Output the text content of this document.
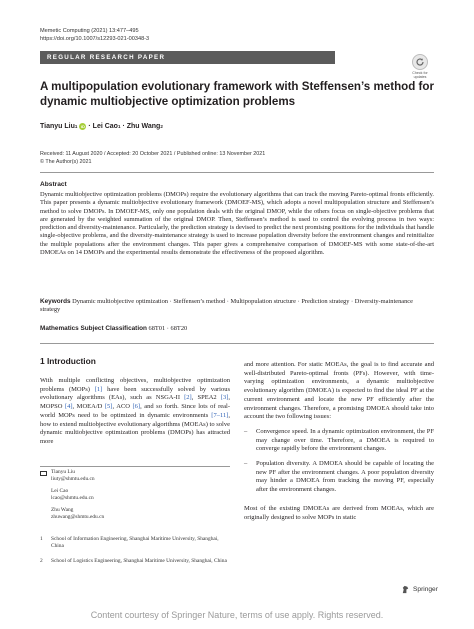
Memetic Computing (2021) 13:477–495
https://doi.org/10.1007/s12293-021-00348-3
REGULAR RESEARCH PAPER
Check for
updates
A multipopulation evolutionary framework with Steffensen’s method for dynamic multiobjective optimization problems
Tianyu Liu 1 iD · Lei Cao 1 · Zhu Wang 2
Received: 11 August 2020 / Accepted: 20 October 2021 / Published online: 13 November 2021
© The Author(s) 2021
Abstract
Dynamic multiobjective optimization problems (DMOPs) require the evolutionary algorithms that can track the moving Pareto-optimal fronts efficiently. This paper presents a dynamic multiobjective evolutionary framework (DMOEF-MS), which adopts a novel multipopulation structure and Steffensen’s method to solve DMOPs. In DMOEF-MS, only one population deals with the original DMOP, while the others focus on single-objective problems that are generated by the weighted summation of the original DMOP. Then, Steffensen’s method is used to control the evolving process in two ways: prediction and diversity-maintenance. Particularly, the prediction strategy is devised to predict the next promising positions for the individuals that handle single-objective problems, and the diversity-maintenance strategy is used to increase population diversity before the environment changes and reinitialize the multiple populations after the environment changes. This paper gives a comprehensive comparison of DMOEF-MS with some state-of-the-art DMOEAs on 14 DMOPs and the experimental results demonstrate the effectiveness of the proposed algorithm.
Keywords Dynamic multiobjective optimization · Steffensen’s method · Multipopulation structure · Prediction strategy · Diversity-maintenance strategy
Mathematics Subject Classification 68T01 · 68T20
1 Introduction
With multiple conflicting objectives, multiobjective optimization problems (MOPs) [1] have been successfully solved by various evolutionary algorithms (EAs), such as NSGA-II [2], SPEA2 [3], MOPSO [4], MOEA/D [5], ACO [6], and so forth. Since lots of real-world MOPs need to be optimized in dynamic environments [7–11], how to extend multiobjective evolutionary algorithms (MOEAs) to solve dynamic multiobjective optimization problems (DMOPs) has attracted more
Tianyu Liu
liuty@shmtu.edu.cn
Lei Cao
lcao@shmtu.edu.cn
Zhu Wang
zhuwang@shmtu.edu.cn
1 School of Information Engineering, Shanghai Maritime University, Shanghai, China
2 School of Logistics Engineering, Shanghai Maritime University, Shanghai, China

and more attention. For static MOEAs, the goal is to find accurate and well-distributed Pareto-optimal fronts (PFs). However, with time-varying optimization environments, a dynamic multiobjective evolutionary algorithm (DMOEA) is expected to find the ideal PF at the current environment and locate the new PF efficiently after the environment changes. Therefore, a promising DMOEA should take into account the two following issues:

–	Convergence speed. In a dynamic optimization environment, the PF may change over time. Therefore, a DMOEA is required to converge rapidly before the environment changes.
–	Population diversity. A DMOEA should be capable of locating the new PF after the environment changes. A poor population diversity may hinder a DMOEA from tracking the moving PF, especially after the environment changes.

Most of the existing DMOEAs are derived from MOEAs, which are originally designed to solve MOPs in static

Springer
Content courtesy of Springer Nature, terms of use apply. Rights reserved.
